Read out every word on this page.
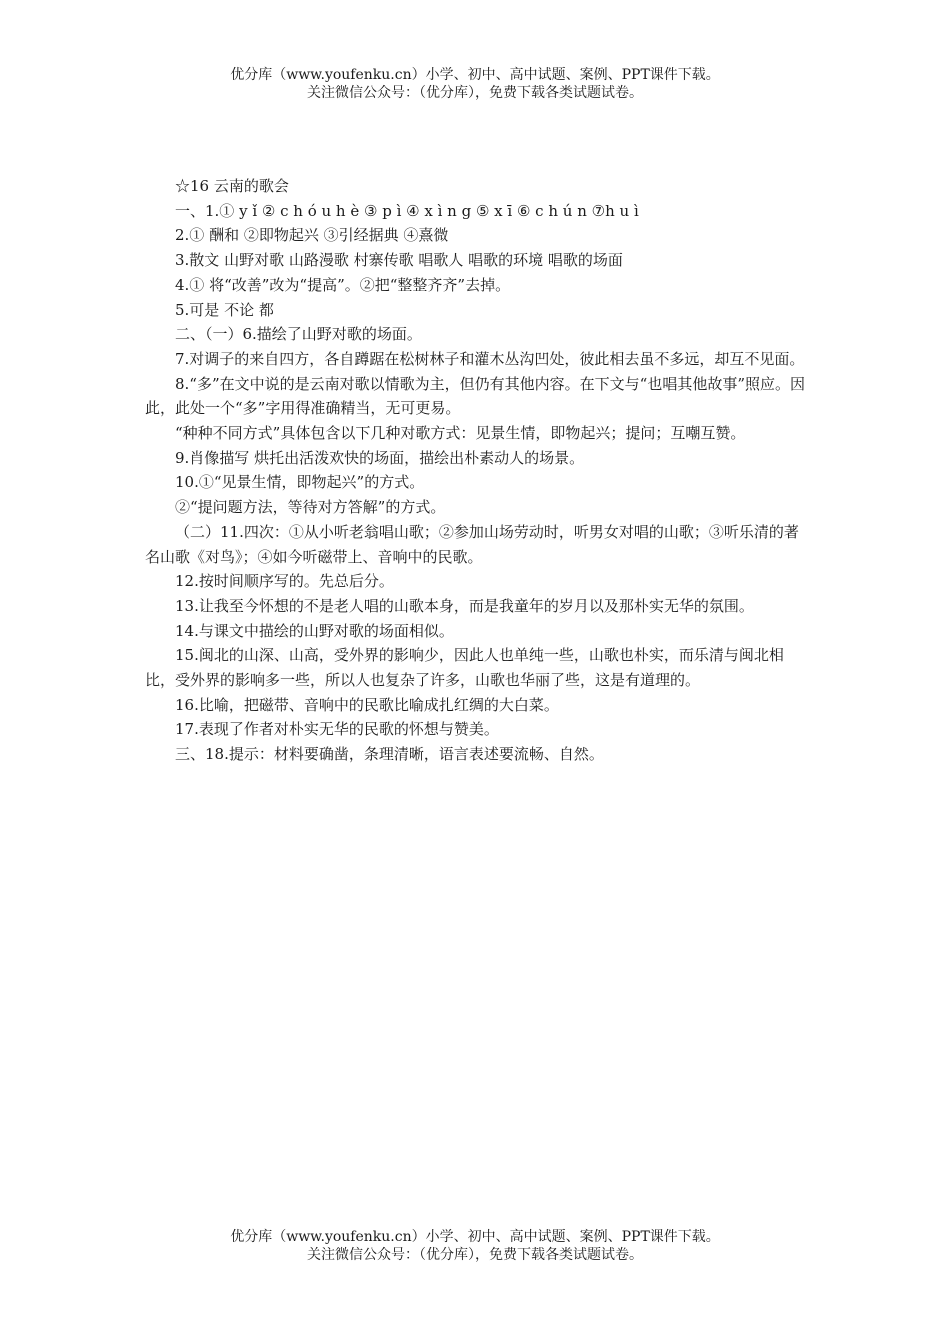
优分库（www.youfenku.cn）小学、初中、高中试题、案例、PPT课件下载。
关注微信公众号：（优分库），免费下载各类试题试卷。

☆16 云南的歌会

一、1.① y ǐ ② c h ó u h è ③ p ì ④ x ì n g ⑤ x ī ⑥ c h ú n ⑦h u ì

2.① 酬和 ②即物起兴 ③引经据典 ④熹微

3.散文 山野对歌 山路漫歌 村寨传歌 唱歌人 唱歌的环境 唱歌的场面

4.① 将“改善”改为“提高”。②把“整整齐齐”去掉。

5.可是 不论 都

二、（一）6.描绘了山野对歌的场面。

7.对调子的来自四方，各自蹲踞在松树林子和灌木丛沟凹处，彼此相去虽不多远，却互不见面。

8.“多”在文中说的是云南对歌以情歌为主，但仍有其他内容。在下文与“也唱其他故事”照应。因此，此处一个“多”字用得准确精当，无可更易。

“种种不同方式”具体包含以下几种对歌方式：见景生情，即物起兴；提问；互嘲互赞。

9.肖像描写 烘托出活泼欢快的场面，描绘出朴素动人的场景。

10.①“见景生情，即物起兴”的方式。

②“提问题方法，等待对方答解”的方式。

（二）11.四次：①从小听老翁唱山歌；②参加山场劳动时，听男女对唱的山歌；③听乐清的著名山歌《对鸟》；④如今听磁带上、音响中的民歌。

12.按时间顺序写的。先总后分。

13.让我至今怀想的不是老人唱的山歌本身，而是我童年的岁月以及那朴实无华的氛围。

14.与课文中描绘的山野对歌的场面相似。

15.闽北的山深、山高，受外界的影响少，因此人也单纯一些，山歌也朴实，而乐清与闽北相比，受外界的影响多一些，所以人也复杂了许多，山歌也华丽了些，这是有道理的。

16.比喻，把磁带、音响中的民歌比喻成扎红绸的大白菜。

17.表现了作者对朴实无华的民歌的怀想与赞美。

三、18.提示：材料要确凿，条理清晰，语言表述要流畅、自然。

优分库（www.youfenku.cn）小学、初中、高中试题、案例、PPT课件下载。
关注微信公众号：（优分库），免费下载各类试题试卷。
